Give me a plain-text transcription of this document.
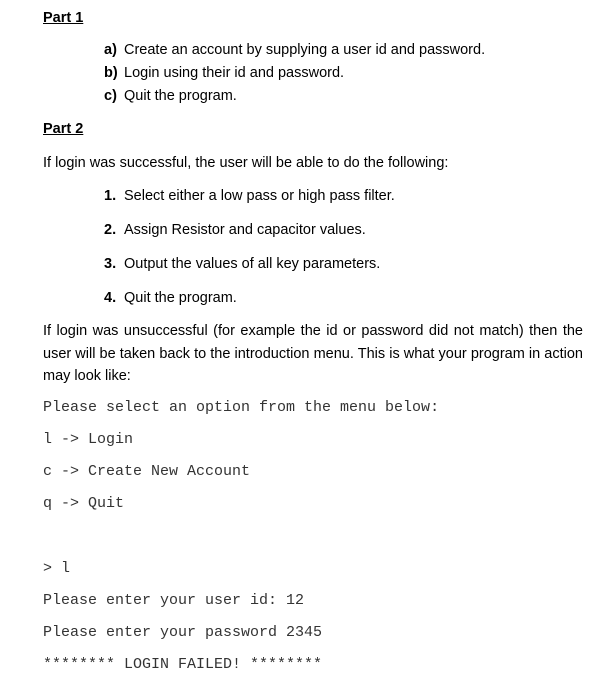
Part 1
a) Create an account by supplying a user id and password.
b) Login using their id and password.
c) Quit the program.
Part 2
If login was successful, the user will be able to do the following:
1. Select either a low pass or high pass filter.
2. Assign Resistor and capacitor values.
3. Output the values of all key parameters.
4. Quit the program.
If login was unsuccessful (for example the id or password did not match) then the user will be taken back to the introduction menu. This is what your program in action may look like:
Please select an option from the menu below:
l -> Login
c -> Create New Account
q -> Quit
> l
Please enter your user id: 12
Please enter your password 2345
******** LOGIN FAILED! ********
